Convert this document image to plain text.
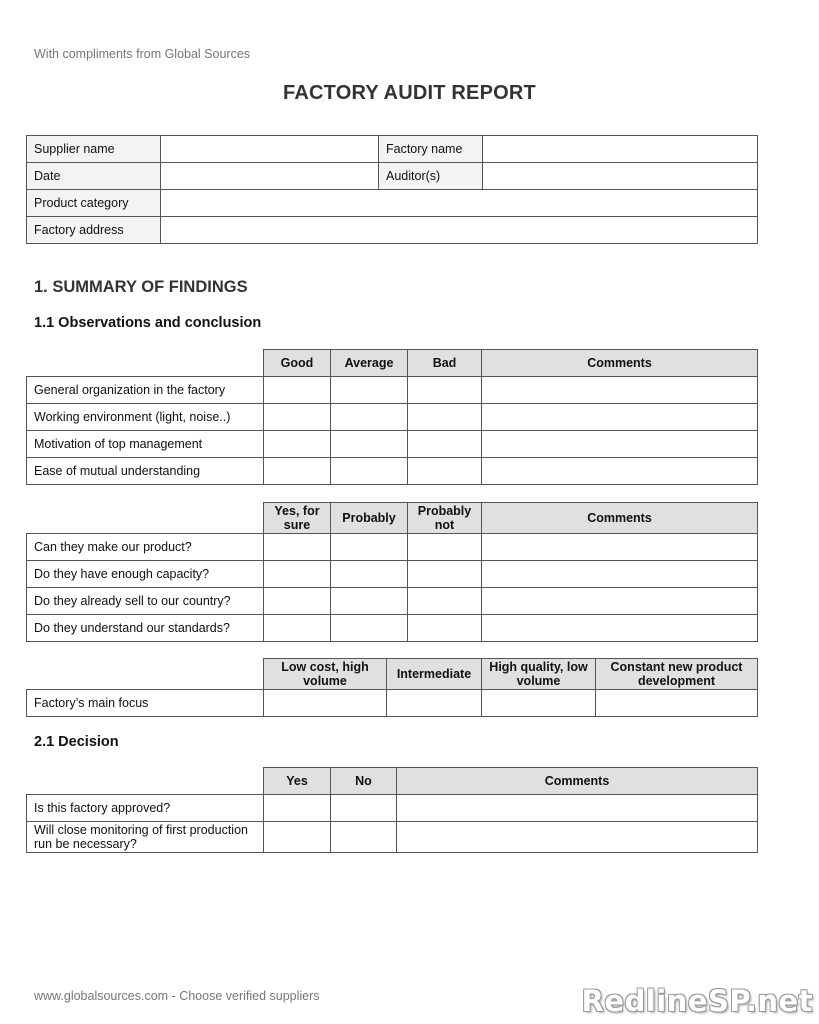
With compliments from Global Sources
FACTORY AUDIT REPORT
Supplier name		Factory name	
Date		Auditor(s)	
Product category			
Factory address			
1. SUMMARY OF FINDINGS
1.1 Observations and conclusion
	Good	Average	Bad	Comments
General organization in the factory				
Working environment (light, noise..)				
Motivation of top management				
Ease of mutual understanding				
	Yes, for sure	Probably	Probably not	Comments
Can they make our product?				
Do they have enough capacity?				
Do they already sell to our country?				
Do they understand our standards?				
	Low cost, high volume	Intermediate	High quality, low volume	Constant new product development
Factory’s main focus				
2.1 Decision
	Yes	No	Comments
Is this factory approved?			
Will close monitoring of first production run be necessary?			
www.globalsources.com - Choose verified suppliers	RedlineSP.net
